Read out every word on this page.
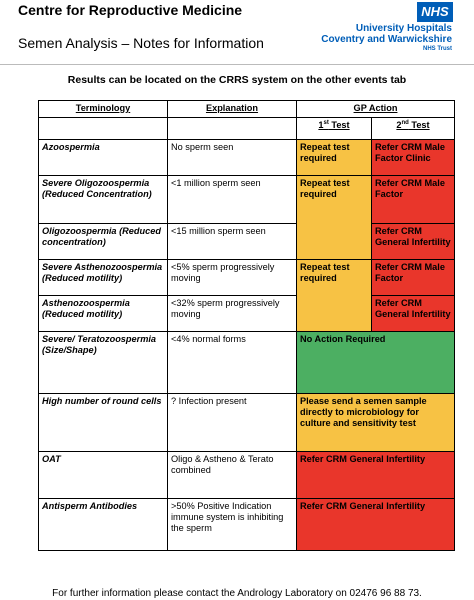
Centre for Reproductive Medicine
Semen Analysis – Notes for Information
NHS
University Hospitals
Coventry and Warwickshire
NHS Trust
Results can be located on the CRRS system on the other events tab
Terminology	Explanation	GP Action	
		1st Test	2nd Test
Azoospermia	No sperm seen	Repeat test required	Refer CRM Male Factor Clinic
Severe Oligozoospermia (Reduced Concentration)	<1 million sperm seen	Repeat test required	Refer CRM Male Factor
Oligozoospermia (Reduced concentration)	<15 million sperm seen		Refer CRM General Infertility
Severe Asthenozoospermia (Reduced motility)	<5% sperm progressively moving	Repeat test required	Refer CRM Male Factor
Asthenozoospermia (Reduced motility)	<32% sperm progressively moving		Refer CRM General Infertility
Severe/ Teratozoospermia (Size/Shape)	<4% normal forms	No Action Required	
High number of round cells	? Infection present	Please send a semen sample directly to microbiology for culture and sensitivity test	
OAT	Oligo & Astheno & Terato combined	Refer CRM General Infertility	
Antisperm Antibodies	>50% Positive Indication immune system is inhibiting the sperm	Refer CRM General Infertility	
For further information please contact the Andrology Laboratory on 02476 96 88 73.
